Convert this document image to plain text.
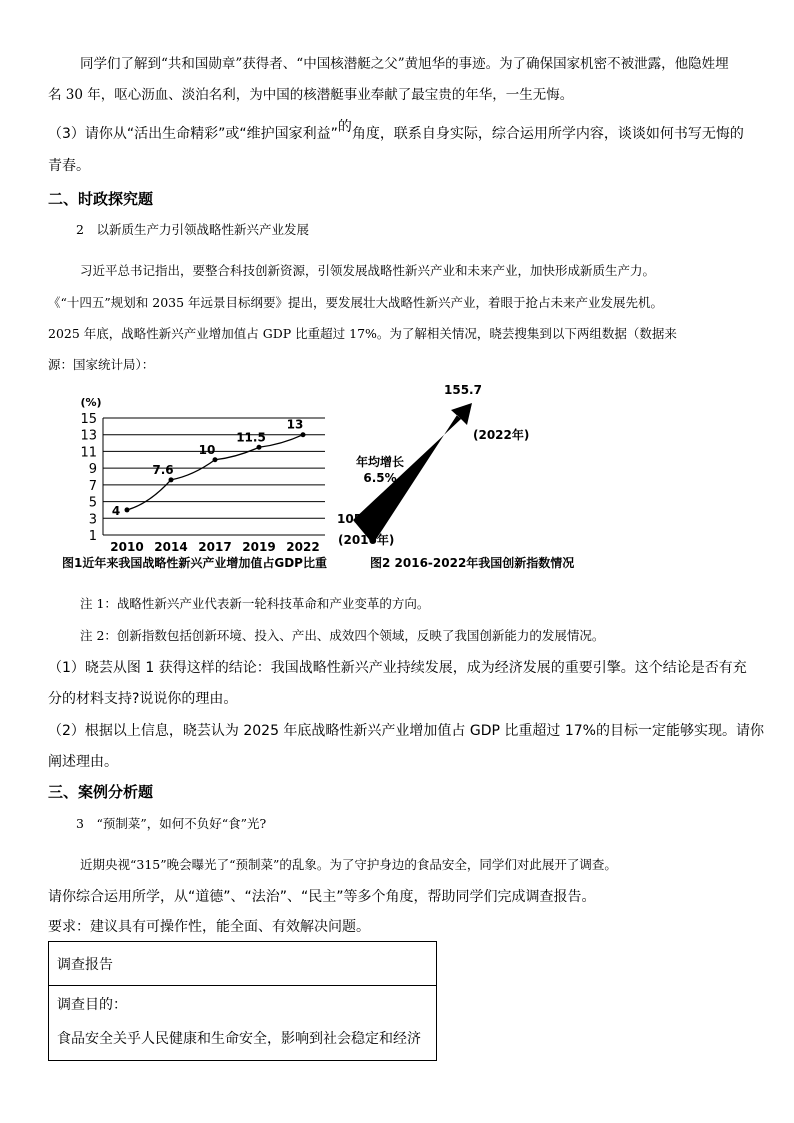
同学们了解到“共和国勋章”获得者、“中国核潜艇之父”黄旭华的事迹。为了确保国家机密不被泄露，他隐姓埋
名 30 年，呕心沥血、淡泊名利，为中国的核潜艇事业奉献了最宝贵的年华，一生无悔。
（3）请你从“活出生命精彩”或“维护国家利益”的角度，联系自身实际，综合运用所学内容，谈谈如何书写无悔的
青春。
二、时政探究题
2　以新质生产力引领战略性新兴产业发展
习近平总书记指出，要整合科技创新资源，引领发展战略性新兴产业和未来产业，加快形成新质生产力。
《“十四五”规划和 2035 年远景目标纲要》提出，要发展壮大战略性新兴产业，着眼于抢占未来产业发展先机。
2025 年底，战略性新兴产业增加值占 GDP 比重超过 17%。为了解相关情况，晓芸搜集到以下两组数据（数据来
源：国家统计局）：
1
3
5
7
9
11
13
15
(%)
2010 2014 2017 2019 2022
4
7.6
10
11.5
13
图1近年来我国战略性新兴产业增加值占GDP比重
年均增长
6.5%
105.3
(2016年)
155.7
(2022年)
图2 2016-2022年我国创新指数情况
注 1：战略性新兴产业代表新一轮科技革命和产业变革的方向。
注 2：创新指数包括创新环境、投入、产出、成效四个领域，反映了我国创新能力的发展情况。
（1）晓芸从图 1 获得这样的结论：我国战略性新兴产业持续发展，成为经济发展的重要引擎。这个结论是否有充
分的材料支持?说说你的理由。
（2）根据以上信息，晓芸认为 2025 年底战略性新兴产业增加值占 GDP 比重超过 17%的目标一定能够实现。请你
阐述理由。
三、案例分析题
3　“预制菜”，如何不负好“食”光?
近期央视“315”晚会曝光了“预制菜”的乱象。为了守护身边的食品安全，同学们对此展开了调查。
请你综合运用所学，从“道德”、“法治”、“民主”等多个角度，帮助同学们完成调查报告。
要求：建议具有可操作性，能全面、有效解决问题。
调查报告
调查目的：
食品安全关乎人民健康和生命安全，影响到社会稳定和经济
